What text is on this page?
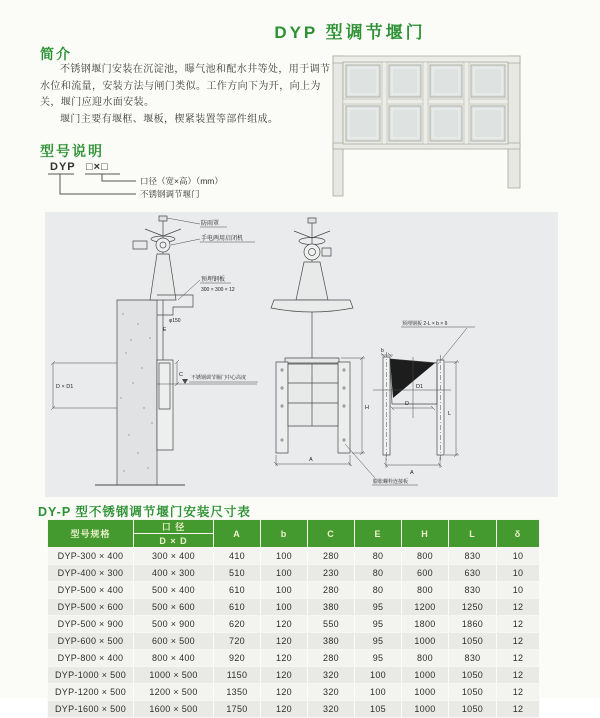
DYP 型调节堰门
简介

不锈钢堰门安装在沉淀池，曝气池和配水井等处，用于调节水位和流量，安装方法与闸门类似。工作方向下为开，向上为关，堰门应迎水面安装。

堰门主要有堰框、堰板，楔紧装置等部件组成。

型号说明
DYP □×□
口径（宽×高）（mm）
不锈钢调节堰门
防雨罩
手电两用启闭机
预埋钢板
300 × 300 × 12
φ150
E
C
D × D1
不锈钢调节堰门中心高度
A
H
预埋钢板 2-L × b × δ
b
D1
D
L
A
膨胀螺栓连接板
DY-P 型不锈钢调节堰门安装尺寸表
型号规格	口 径	A	b	C	E	H	L	δ
	D × D							
DYP-300 × 400	300 × 400	410	100	280	80	800	830	10
DYP-400 × 300	400 × 300	510	100	230	80	600	630	10
DYP-500 × 400	500 × 400	610	100	280	80	800	830	10
DYP-500 × 600	500 × 600	610	100	380	95	1200	1250	12
DYP-500 × 900	500 × 900	620	120	550	95	1800	1860	12
DYP-600 × 500	600 × 500	720	120	380	95	1000	1050	12
DYP-800 × 400	800 × 400	920	120	280	95	800	830	12
DYP-1000 × 500	1000 × 500	1150	120	320	100	1000	1050	12
DYP-1200 × 500	1200 × 500	1350	120	320	100	1000	1050	12
DYP-1600 × 500	1600 × 500	1750	120	320	105	1000	1050	12
